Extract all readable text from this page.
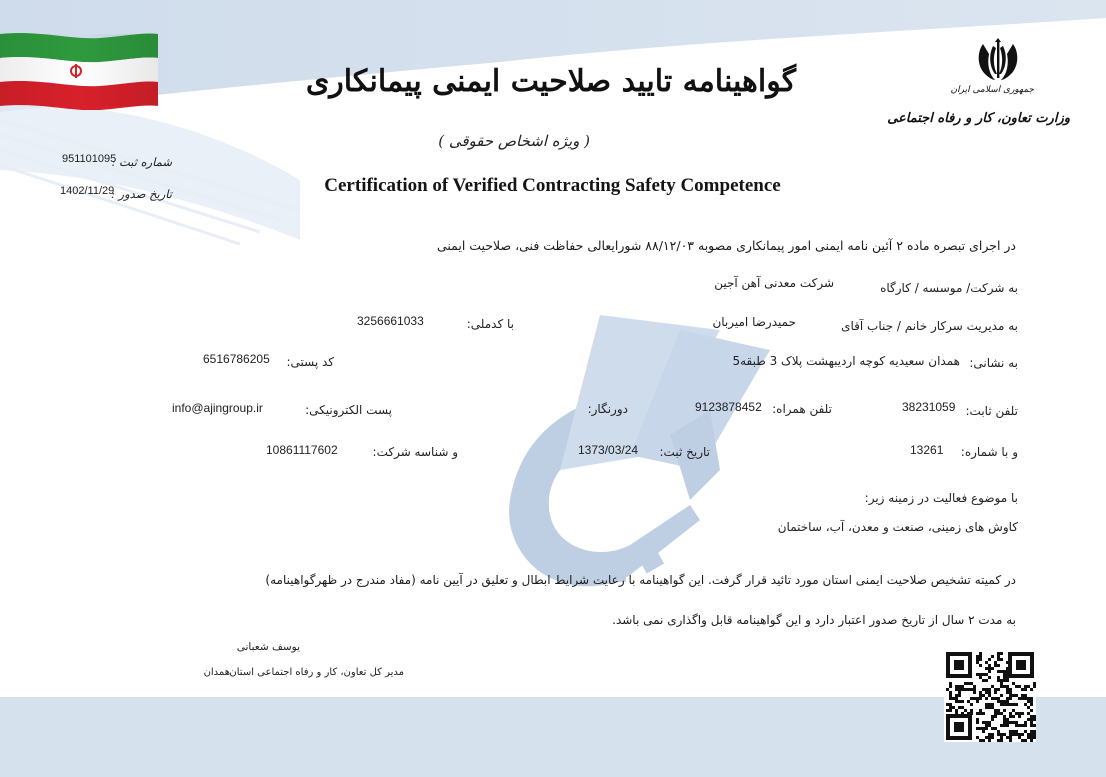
جمهوری اسلامی ایران
وزارت تعاون، کار و رفاه اجتماعی
گواهینامه تایید صلاحیت ایمنی پیمانکاری
( ویژه اشخاص حقوقی )
Certification of Verified Contracting Safety Competence
شماره ثبت :
951101095
تاریخ صدور :
1402/11/29
در اجرای تبصره ماده ۲ آئین نامه ایمنی امور پیمانکاری مصوبه ۸۸/۱۲/۰۳ شورایعالی حفاظت فنی، صلاحیت ایمنی
به شرکت/ موسسه / کارگاه
شرکت معدنی آهن آجین
به مدیریت سرکار خانم / جناب آقای
حمیدرضا امیربان
با کدملی:
3256661033
به نشانی:
همدان سعیدیه کوچه اردیبهشت پلاک 3 طبقه5
کد پستی:
6516786205
تلفن ثابت:
38231059
تلفن همراه:
9123878452
دورنگار:
پست الکترونیکی:
info@ajingroup.ir
و با شماره:
13261
تاریخ ثبت:
1373/03/24
و شناسه شرکت:
10861117602
با موضوع فعالیت در زمینه زیر:
کاوش های زمینی، صنعت و معدن، آب، ساختمان
در کمیته تشخیص صلاحیت ایمنی استان مورد تائید قرار گرفت. این گواهینامه با رعایت شرایط ابطال و تعلیق در آیین نامه (مفاد مندرج در ظهرگواهینامه)
به مدت ۲ سال از تاریخ صدور اعتبار دارد و این گواهینامه قابل واگذاری نمی باشد.
یوسف شعبانی
مدیر کل تعاون، کار و رفاه اجتماعی استان
همدان
